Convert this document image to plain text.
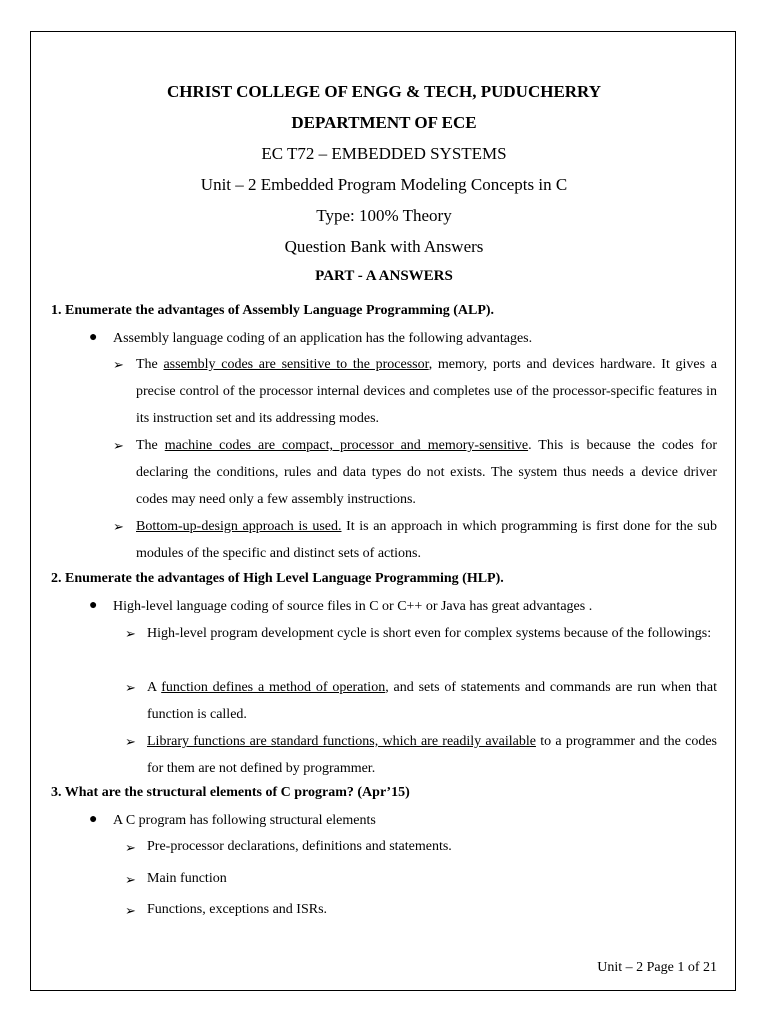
CHRIST COLLEGE OF ENGG & TECH, PUDUCHERRY
DEPARTMENT OF ECE
EC T72 – EMBEDDED SYSTEMS
Unit – 2 Embedded Program Modeling Concepts in C
Type: 100% Theory
Question Bank with Answers
PART - A ANSWERS
1. Enumerate the advantages of Assembly Language Programming (ALP).
● Assembly language coding of an application has the following advantages.
➢ The assembly codes are sensitive to the processor, memory, ports and devices hardware. It gives a precise control of the processor internal devices and completes use of the processor-specific features in its instruction set and its addressing modes.

➢ The machine codes are compact, processor and memory-sensitive. This is because the codes for declaring the conditions, rules and data types do not exists. The system thus needs a device driver codes may need only a few assembly instructions.

➢ Bottom-up-design approach is used. It is an approach in which programming is first done for the sub modules of the specific and distinct sets of actions.

2. Enumerate the advantages of High Level Language Programming (HLP).
● High-level language coding of source files in C or C++ or Java has great advantages .
➢ High-level program development cycle is short even for complex systems because of the followings:

➢ A function defines a method of operation, and sets of statements and commands are run when that function is called.

➢ Library functions are standard functions, which are readily available to a programmer and the codes for them are not defined by programmer.

3. What are the structural elements of C program? (Apr’15)
● A C program has following structural elements
➢ Pre-processor declarations, definitions and statements.
➢ Main function
➢ Functions, exceptions and ISRs.
Unit – 2 Page 1 of 21
